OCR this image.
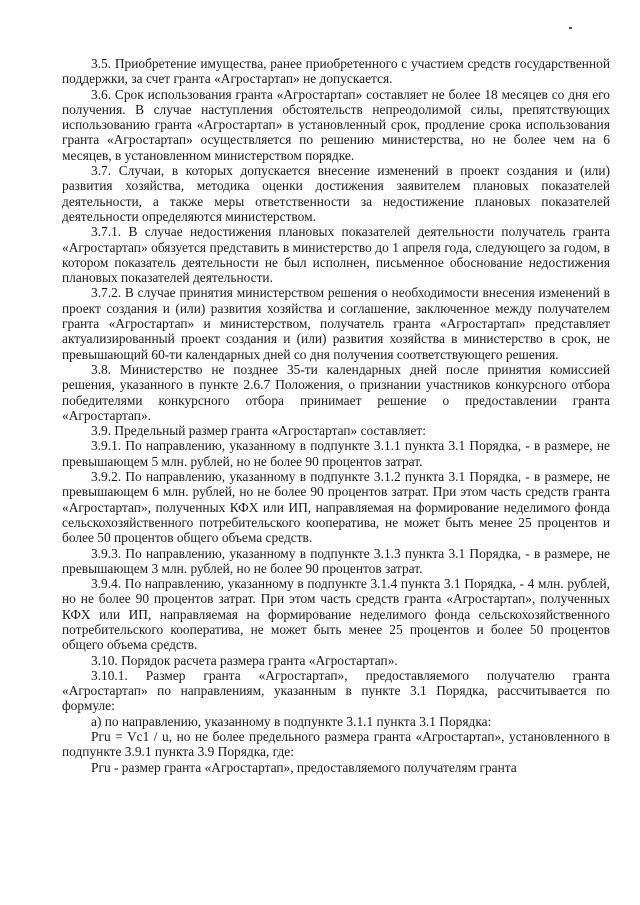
3.5. Приобретение имущества, ранее приобретенного с участием средств государственной поддержки, за счет гранта «Агростартап» не допускается.

3.6. Срок использования гранта «Агростартап» составляет не более 18 месяцев со дня его получения. В случае наступления обстоятельств непреодолимой силы, препятствующих использованию гранта «Агростартап» в установленный срок, продление срока использования гранта «Агростартап» осуществляется по решению министерства, но не более чем на 6 месяцев, в установленном министерством порядке.

3.7. Случаи, в которых допускается внесение изменений в проект создания и (или) развития хозяйства, методика оценки достижения заявителем плановых показателей деятельности, а также меры ответственности за недостижение плановых показателей деятельности определяются министерством.

3.7.1. В случае недостижения плановых показателей деятельности получатель гранта «Агростартап» обязуется представить в министерство до 1 апреля года, следующего за годом, в котором показатель деятельности не был исполнен, письменное обоснование недостижения плановых показателей деятельности.

3.7.2. В случае принятия министерством решения о необходимости внесения изменений в проект создания и (или) развития хозяйства и соглашение, заключенное между получателем гранта «Агростартап» и министерством, получатель гранта «Агростартап» представляет актуализированный проект создания и (или) развития хозяйства в министерство в срок, не превышающий 60-ти календарных дней со дня получения соответствующего решения.

3.8. Министерство не позднее 35-ти календарных дней после принятия комиссией решения, указанного в пункте 2.6.7 Положения, о признании участников конкурсного отбора победителями конкурсного отбора принимает решение о предоставлении гранта «Агростартап».

3.9. Предельный размер гранта «Агростартап» составляет:

3.9.1. По направлению, указанному в подпункте 3.1.1 пункта 3.1 Порядка, - в размере, не превышающем 5 млн. рублей, но не более 90 процентов затрат.

3.9.2. По направлению, указанному в подпункте 3.1.2 пункта 3.1 Порядка, - в размере, не превышающем 6 млн. рублей, но не более 90 процентов затрат. При этом часть средств гранта «Агростартап», полученных КФХ или ИП, направляемая на формирование неделимого фонда сельскохозяйственного потребительского кооператива, не может быть менее 25 процентов и более 50 процентов общего объема средств.

3.9.3. По направлению, указанному в подпункте 3.1.3 пункта 3.1 Порядка, - в размере, не превышающем 3 млн. рублей, но не более 90 процентов затрат.

3.9.4. По направлению, указанному в подпункте 3.1.4 пункта 3.1 Порядка, - 4 млн. рублей, но не более 90 процентов затрат. При этом часть средств гранта «Агростартап», полученных КФХ или ИП, направляемая на формирование неделимого фонда сельскохозяйственного потребительского кооператива, не может быть менее 25 процентов и более 50 процентов общего объема средств.

3.10. Порядок расчета размера гранта «Агростартап».

3.10.1. Размер гранта «Агростартап», предоставляемого получателю гранта «Агростартап» по направлениям, указанным в пункте 3.1 Порядка, рассчитывается по формуле:

а) по направлению, указанному в подпункте 3.1.1 пункта 3.1 Порядка:

Pгu = Vc1 / u, но не более предельного размера гранта «Агростартап», установленного в подпункте 3.9.1 пункта 3.9 Порядка, где:

Pгu - размер гранта «Агростартап», предоставляемого получателям гранта
